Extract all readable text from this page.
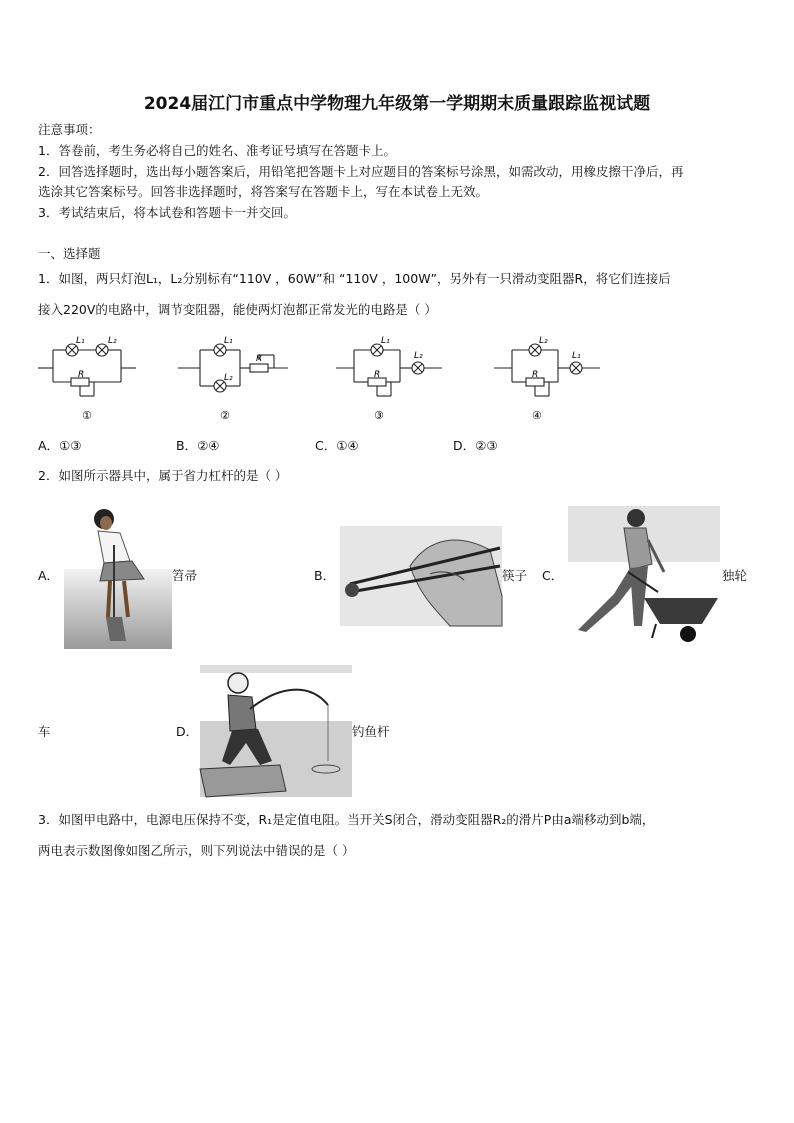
2024届江门市重点中学物理九年级第一学期期末质量跟踪监视试题
注意事项：
1．答卷前，考生务必将自己的姓名、准考证号填写在答题卡上。
2．回答选择题时，选出每小题答案后，用铅笔把答题卡上对应题目的答案标号涂黑，如需改动，用橡皮擦干净后，再
选涂其它答案标号。回答非选择题时，将答案写在答题卡上，写在本试卷上无效。
3．考试结束后，将本试卷和答题卡一并交回。
一、选择题
1．如图，两只灯泡L₁，L₂分别标有“110V ，60W”和 “110V ，100W”，另外有一只滑动变阻器R，将它们连接后
接入220V的电路中，调节变阻器，能使两灯泡都正常发光的电路是（ ）
L₁	L₂
R
①
L₁
L₂
R
②
L₁
L₂
R
③
L₂
L₁
R
④
A．①③	B．②④	C．①④	D．②③
2．如图所示器具中，属于省力杠杆的是（ ）
A．	笤帚	B．	筷子 C．	独轮
车	D．	钓鱼杆
3．如图甲电路中，电源电压保持不变，R₁是定值电阻。当开关S闭合，滑动变阻器R₂的滑片P由a端移动到b端，
两电表示数图像如图乙所示，则下列说法中错误的是（ ）
